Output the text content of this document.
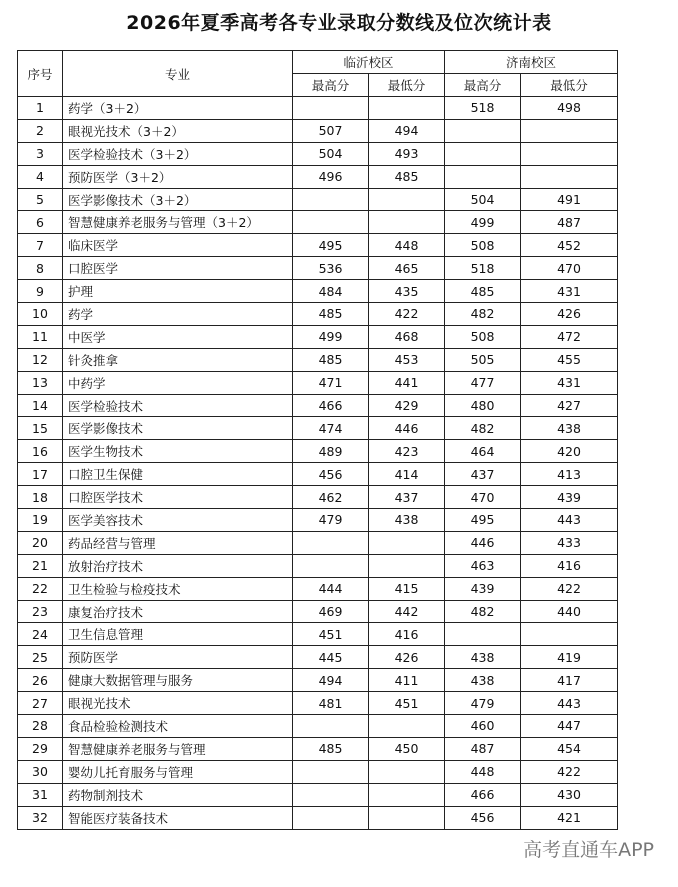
2026年夏季高考各专业录取分数线及位次统计表
序号	专业	临沂校区		济南校区	
		最高分	最低分	最高分	最低分
1	药学（3＋2）			518	498
2	眼视光技术（3＋2）	507	494		
3	医学检验技术（3＋2）	504	493		
4	预防医学（3＋2）	496	485		
5	医学影像技术（3＋2）			504	491
6	智慧健康养老服务与管理（3＋2）			499	487
7	临床医学	495	448	508	452
8	口腔医学	536	465	518	470
9	护理	484	435	485	431
10	药学	485	422	482	426
11	中医学	499	468	508	472
12	针灸推拿	485	453	505	455
13	中药学	471	441	477	431
14	医学检验技术	466	429	480	427
15	医学影像技术	474	446	482	438
16	医学生物技术	489	423	464	420
17	口腔卫生保健	456	414	437	413
18	口腔医学技术	462	437	470	439
19	医学美容技术	479	438	495	443
20	药品经营与管理			446	433
21	放射治疗技术			463	416
22	卫生检验与检疫技术	444	415	439	422
23	康复治疗技术	469	442	482	440
24	卫生信息管理	451	416		
25	预防医学	445	426	438	419
26	健康大数据管理与服务	494	411	438	417
27	眼视光技术	481	451	479	443
28	食品检验检测技术			460	447
29	智慧健康养老服务与管理	485	450	487	454
30	婴幼儿托育服务与管理			448	422
31	药物制剂技术			466	430
32	智能医疗装备技术			456	421
高考直通车APP
